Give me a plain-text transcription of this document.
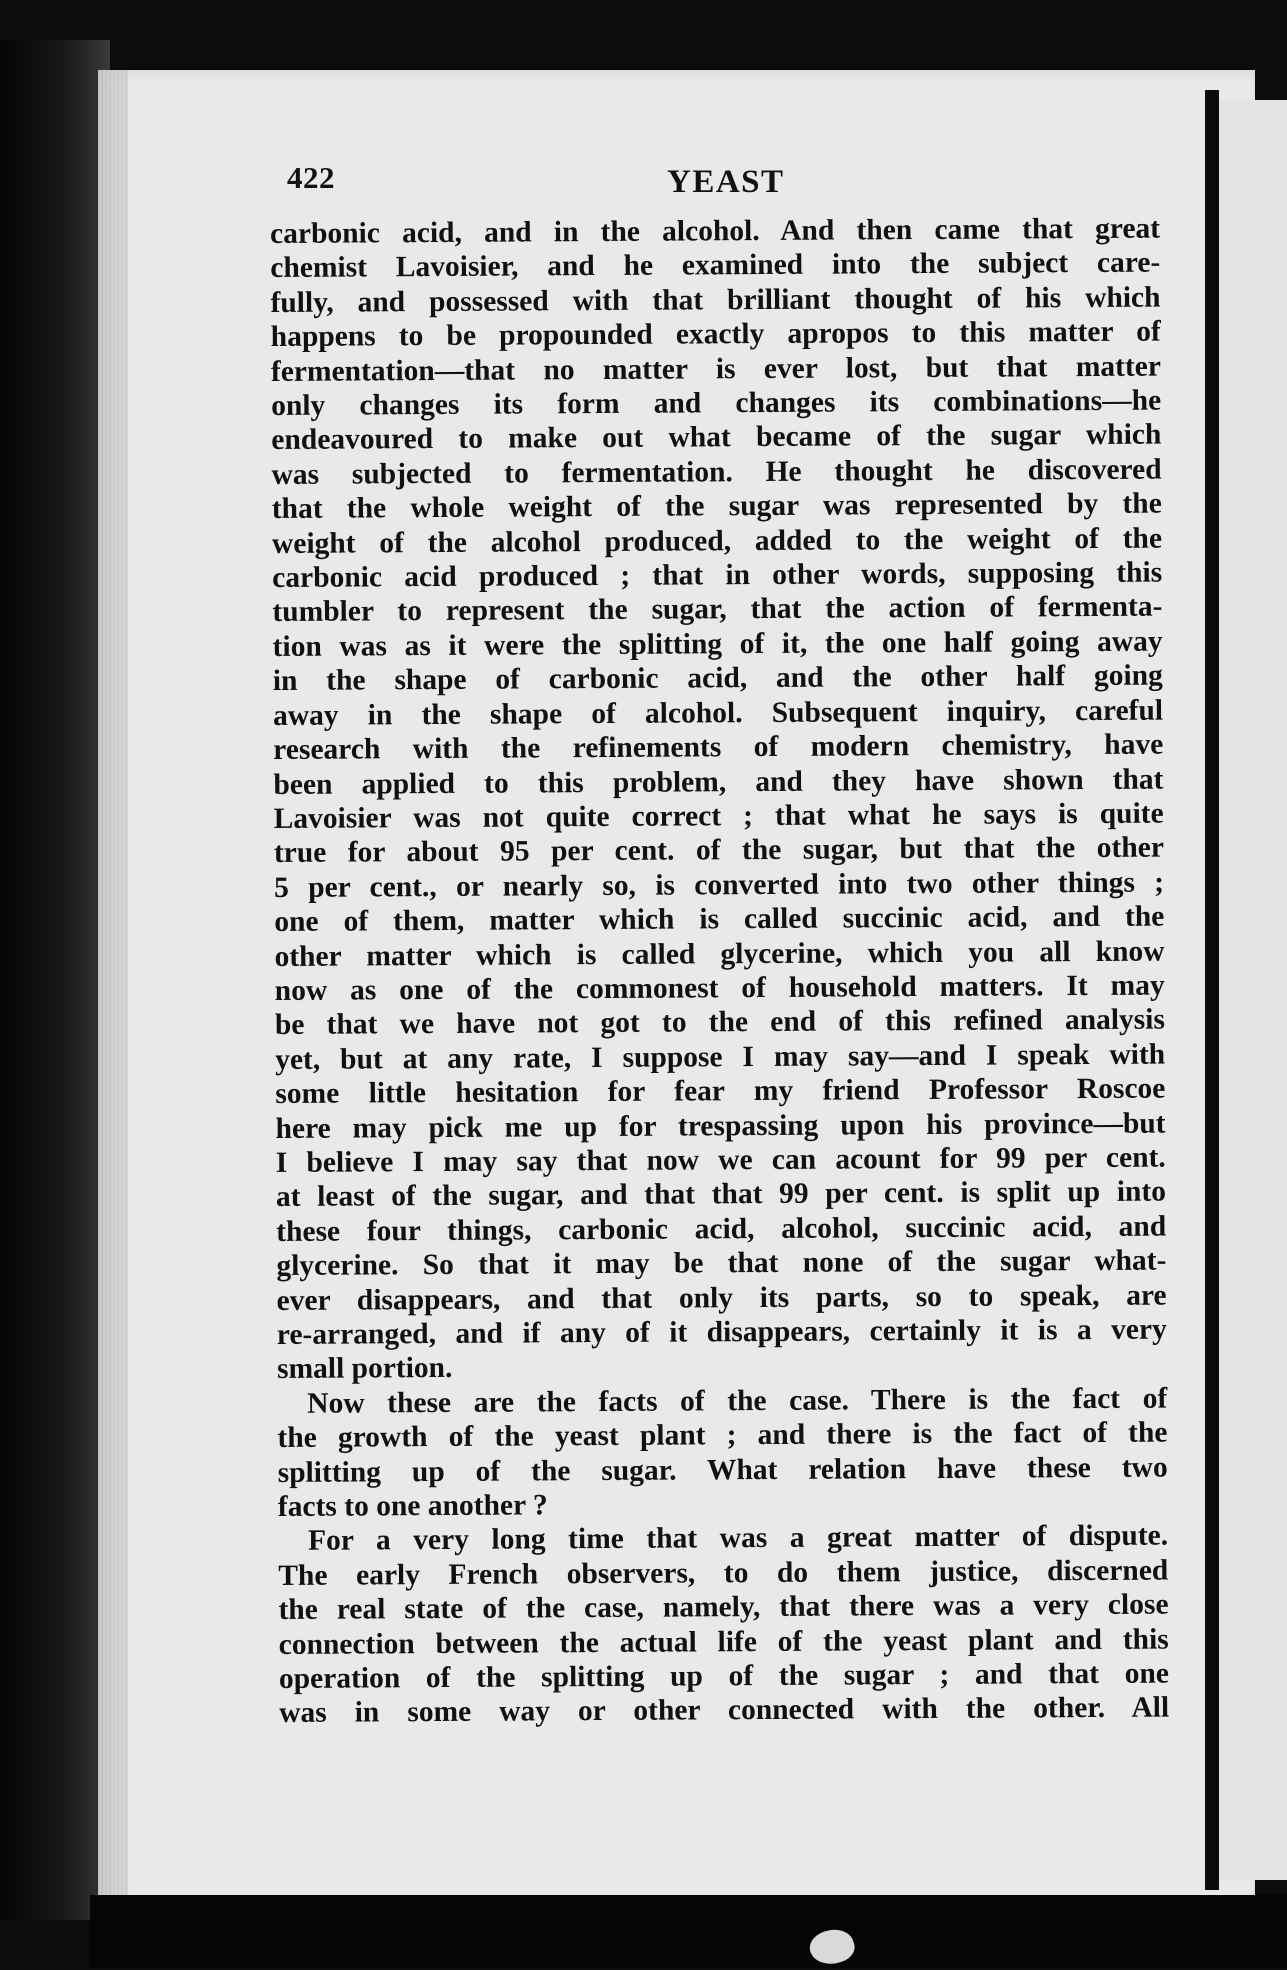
422	YEAST
carbonic acid, and in the alcohol. And then came that great
chemist Lavoisier, and he examined into the subject care-
fully, and possessed with that brilliant thought of his which
happens to be propounded exactly apropos to this matter of
fermentation—that no matter is ever lost, but that matter
only changes its form and changes its combinations—he
endeavoured to make out what became of the sugar which
was subjected to fermentation. He thought he discovered
that the whole weight of the sugar was represented by the
weight of the alcohol produced, added to the weight of the
carbonic acid produced ; that in other words, supposing this
tumbler to represent the sugar, that the action of fermenta-
tion was as it were the splitting of it, the one half going away
in the shape of carbonic acid, and the other half going
away in the shape of alcohol. Subsequent inquiry, careful
research with the refinements of modern chemistry, have
been applied to this problem, and they have shown that
Lavoisier was not quite correct ; that what he says is quite
true for about 95 per cent. of the sugar, but that the other
5 per cent., or nearly so, is converted into two other things ;
one of them, matter which is called succinic acid, and the
other matter which is called glycerine, which you all know
now as one of the commonest of household matters. It may
be that we have not got to the end of this refined analysis
yet, but at any rate, I suppose I may say—and I speak with
some little hesitation for fear my friend Professor Roscoe
here may pick me up for trespassing upon his province—but
I believe I may say that now we can acount for 99 per cent.
at least of the sugar, and that that 99 per cent. is split up into
these four things, carbonic acid, alcohol, succinic acid, and
glycerine. So that it may be that none of the sugar what-
ever disappears, and that only its parts, so to speak, are
re-arranged, and if any of it disappears, certainly it is a very
small portion.
Now these are the facts of the case. There is the fact of
the growth of the yeast plant ; and there is the fact of the
splitting up of the sugar. What relation have these two
facts to one another ?
For a very long time that was a great matter of dispute.
The early French observers, to do them justice, discerned
the real state of the case, namely, that there was a very close
connection between the actual life of the yeast plant and this
operation of the splitting up of the sugar ; and that one
was in some way or other connected with the other. All
